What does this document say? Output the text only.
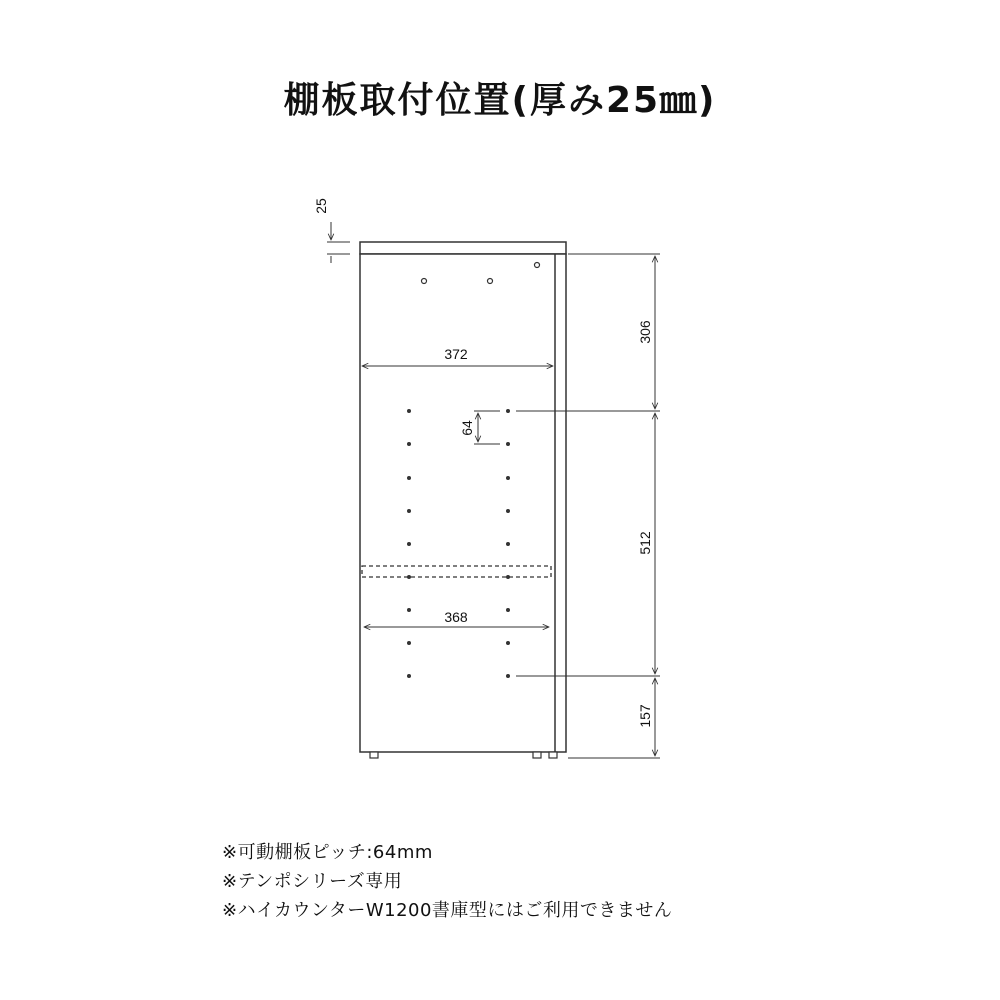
棚板取付位置(厚み25㎜)
25
372
64
368
306
512
157
※可動棚板ピッチ:64mm
※テンポシリーズ専用
※ハイカウンターW1200書庫型にはご利用できません
